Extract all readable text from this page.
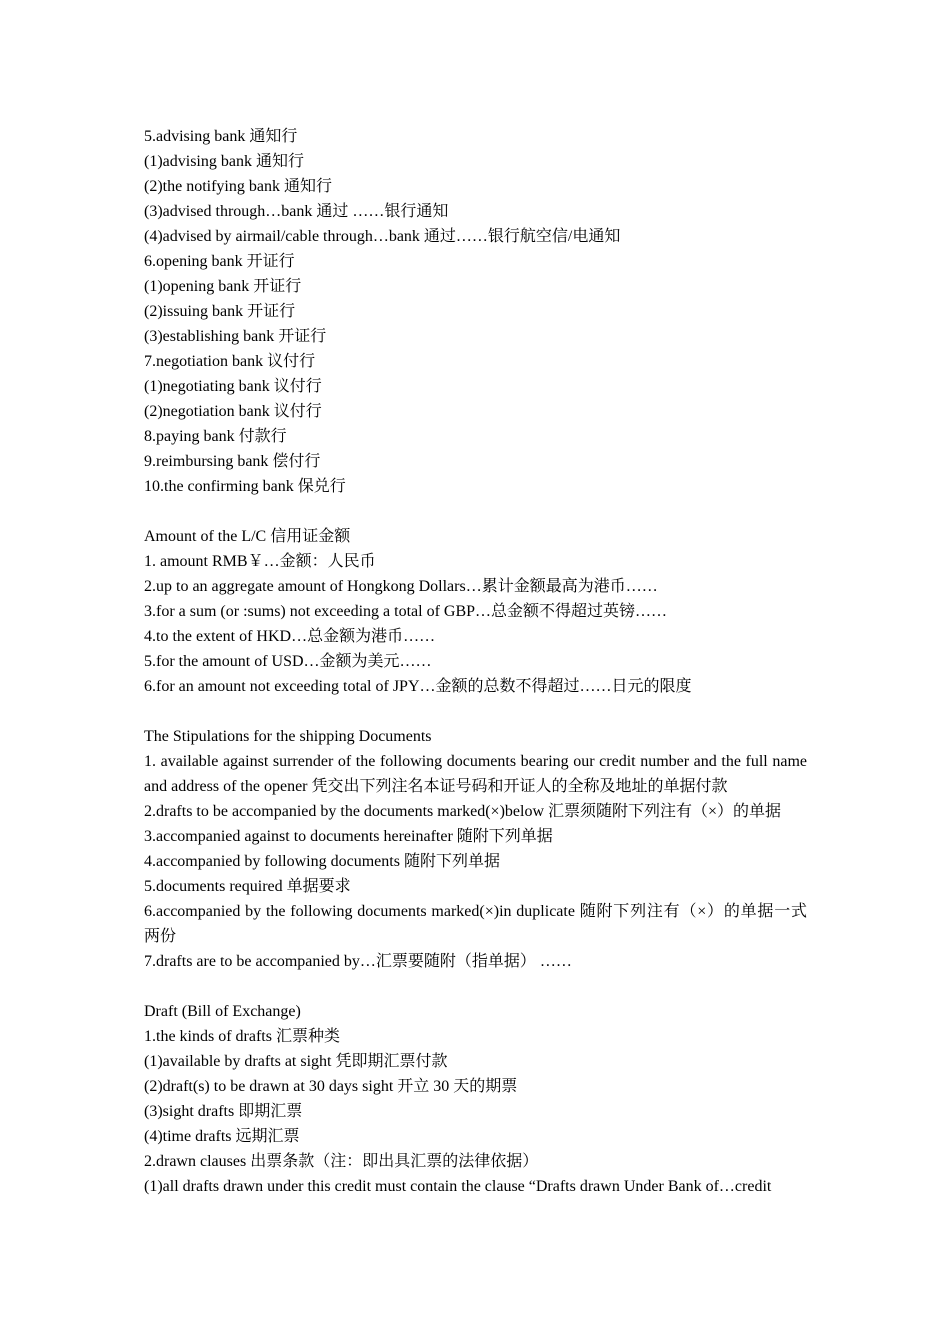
5.advising bank 通知行
(1)advising bank 通知行
(2)the notifying bank 通知行
(3)advised through…bank 通过 ……银行通知
(4)advised by airmail/cable through…bank 通过……银行航空信/电通知
6.opening bank 开证行
(1)opening bank 开证行
(2)issuing bank 开证行
(3)establishing bank 开证行
7.negotiation bank 议付行
(1)negotiating bank 议付行
(2)negotiation bank 议付行
8.paying bank 付款行
9.reimbursing bank 偿付行
10.the confirming bank 保兑行
Amount of the L/C 信用证金额
1. amount RMB￥…金额：人民币
2.up to an aggregate amount of Hongkong Dollars…累计金额最高为港币……
3.for a sum (or :sums) not exceeding a total of GBP…总金额不得超过英镑……
4.to the extent of HKD…总金额为港币……
5.for the amount of USD…金额为美元……
6.for an amount not exceeding total of JPY…金额的总数不得超过……日元的限度
The Stipulations for the shipping Documents
1. available against surrender of the following documents bearing our credit number and the full name and address of the opener 凭交出下列注名本证号码和开证人的全称及地址的单据付款
2.drafts to be accompanied by the documents marked(×)below 汇票须随附下列注有（×）的单据
3.accompanied against to documents hereinafter 随附下列单据
4.accompanied by following documents 随附下列单据
5.documents required 单据要求
6.accompanied by the following documents marked(×)in duplicate 随附下列注有（×）的单据一式两份
7.drafts are to be accompanied by…汇票要随附（指单据） ……
Draft (Bill of Exchange)
1.the kinds of drafts 汇票种类
(1)available by drafts at sight 凭即期汇票付款
(2)draft(s) to be drawn at 30 days sight 开立 30 天的期票
(3)sight drafts 即期汇票
(4)time drafts 远期汇票
2.drawn clauses 出票条款（注：即出具汇票的法律依据）
(1)all drafts drawn under this credit must contain the clause “Drafts drawn Under Bank of…credit
